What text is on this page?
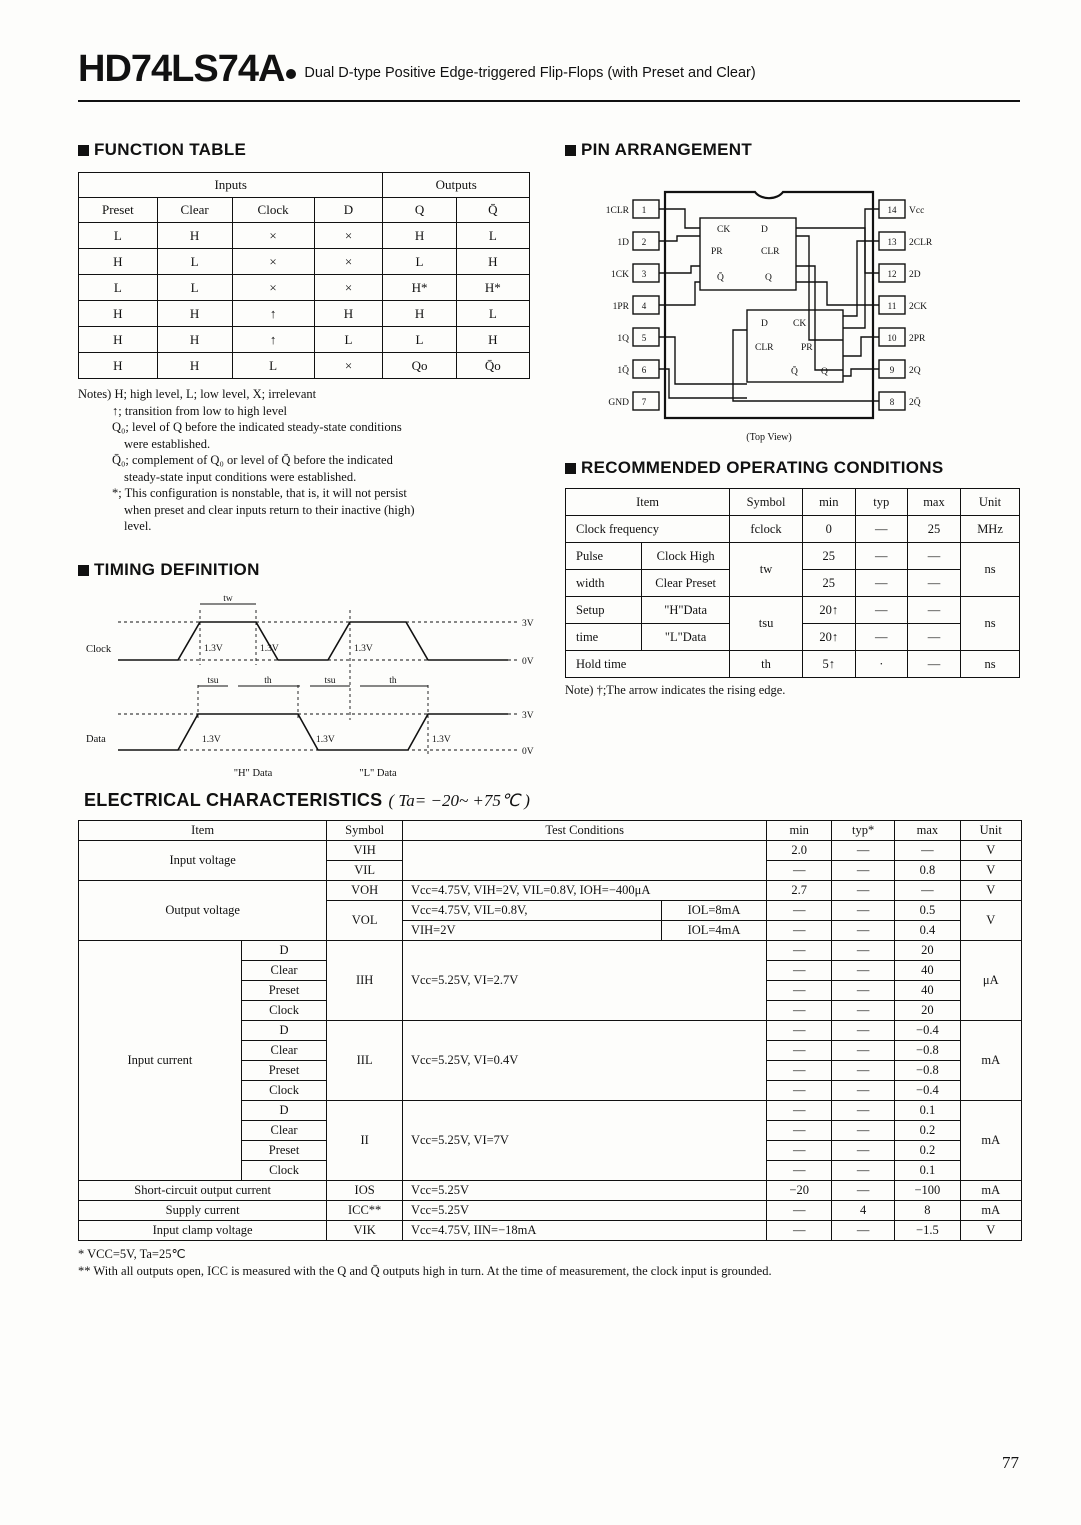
HD74LS74A Dual D-type Positive Edge-triggered Flip-Flops (with Preset and Clear)
FUNCTION TABLE
Inputs				Outputs	
Preset	Clear	Clock	D	Q	Q̄
L	H	×	×	H	L
H	L	×	×	L	H
L	L	×	×	H*	H*
H	H	↑	H	H	L
H	H	↑	L	L	H
H	H	L	×	Qo	Q̄o
Notes) H; high level, L; low level, X; irrelevant
↑; transition from low to high level
Q₀; level of Q before the indicated steady-state conditions
were established.
Q̄₀; complement of Q₀ or level of Q̄ before the indicated
steady-state input conditions were established.
*; This configuration is nonstable, that is, it will not persist
when preset and clear inputs return to their inactive (high)
level.
TIMING DEFINITION
tw
tsu	th	tsu	th
1.3V	1.3V	1.3V
1.3V	1.3V	1.3V
3V
0V
3V
0V
Clock
Data
"H" Data	"L" Data
PIN ARRANGEMENT
1
2
3
4
5
6
7
14
13
12
11
10
9
8
1CLR
1D
1CK
1PR
1Q
1Q̄
GND
Vcc
2CLR
2D
2CK
2PR
2Q
2Q̄
CK	D
PR	CLR
Q̄	Q
D	CK
CLR	PR
Q̄ Q
(Top View)
RECOMMENDED OPERATING CONDITIONS
Item		Symbol	min	typ	max	Unit
Clock frequency		fclock	0	—	25	MHz
Pulse	Clock High	tw	25	—	—	ns
width	Clear Preset		25	—	—	
Setup	"H"Data	tsu	20↑	—	—	ns
time	"L"Data		20↑	—	—	
Hold time		th	5↑	·	—	ns
Note) †;The arrow indicates the rising edge.
ELECTRICAL CHARACTERISTICS ( Ta= −20~ +75℃ )
Item		Symbol	Test Conditions		min	typ*	max	Unit
Input voltage		VIH			2.0	—	—	V
		VIL			—	—	0.8	V
Output voltage		VOH	Vcc=4.75V, VIH=2V, VIL=0.8V, IOH=−400μA		2.7	—	—	V
		VOL	Vcc=4.75V, VIL=0.8V,	IOL=8mA	—	—	0.5	V
			VIH=2V	IOL=4mA	—	—	0.4	
Input current	D	IIH	Vcc=5.25V, VI=2.7V		—	—	20	μA
	Clear				—	—	40	
	Preset				—	—	40	
	Clock				—	—	20	
	D	IIL	Vcc=5.25V, VI=0.4V		—	—	−0.4	mA
	Clear				—	—	−0.8	
	Preset				—	—	−0.8	
	Clock				—	—	−0.4	
	D	II	Vcc=5.25V, VI=7V		—	—	0.1	mA
	Clear				—	—	0.2	
	Preset				—	—	0.2	
	Clock				—	—	0.1	
Short-circuit output current		IOS	Vcc=5.25V		−20	—	−100	mA
Supply current		ICC**	Vcc=5.25V		—	4	8	mA
Input clamp voltage		VIK	Vcc=4.75V, IIN=−18mA		—	—	−1.5	V
* VCC=5V, Ta=25℃
** With all outputs open, ICC is measured with the Q and Q̄ outputs high in turn. At the time of measurement, the clock input is grounded.
77
